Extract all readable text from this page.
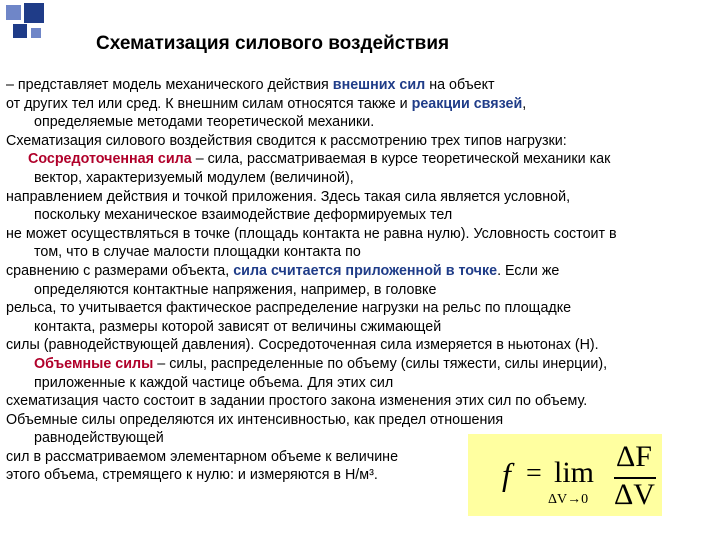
Схематизация силового воздействия
– представляет модель механического действия внешних сил на объект
от других тел или сред. К внешним силам относятся также и реакции связей,
определяемые методами теоретической механики.
Схематизация силового воздействия сводится к рассмотрению трех типов нагрузки:
Сосредоточенная сила – сила, рассматриваемая в курсе теоретической механики как
вектор, характеризуемый модулем (величиной),
направлением действия и точкой приложения. Здесь такая сила является условной,
поскольку механическое взаимодействие деформируемых тел
не может осуществляться в точке (площадь контакта не равна нулю). Условность состоит в
том, что в случае малости площадки контакта по
сравнению с размерами объекта, сила считается приложенной в точке. Если же
определяются контактные напряжения, например, в головке
рельса, то учитывается фактическое распределение нагрузки на рельс по площадке
контакта, размеры которой зависят от величины сжимающей
силы (равнодействующей давления). Сосредоточенная сила измеряется в ньютонах (Н).
Объемные силы – силы, распределенные по объему (силы тяжести, силы инерции),
приложенные к каждой частице объема. Для этих сил
схематизация часто состоит в задании простого закона изменения этих сил по объему.
Объемные силы определяются их интенсивностью, как предел отношения
равнодействующей
сил в рассматриваемом элементарном объеме к величине
этого объема, стремящего к нулю: и измеряются в Н/м³.	f = lim
ΔV→0
ΔF
ΔV
